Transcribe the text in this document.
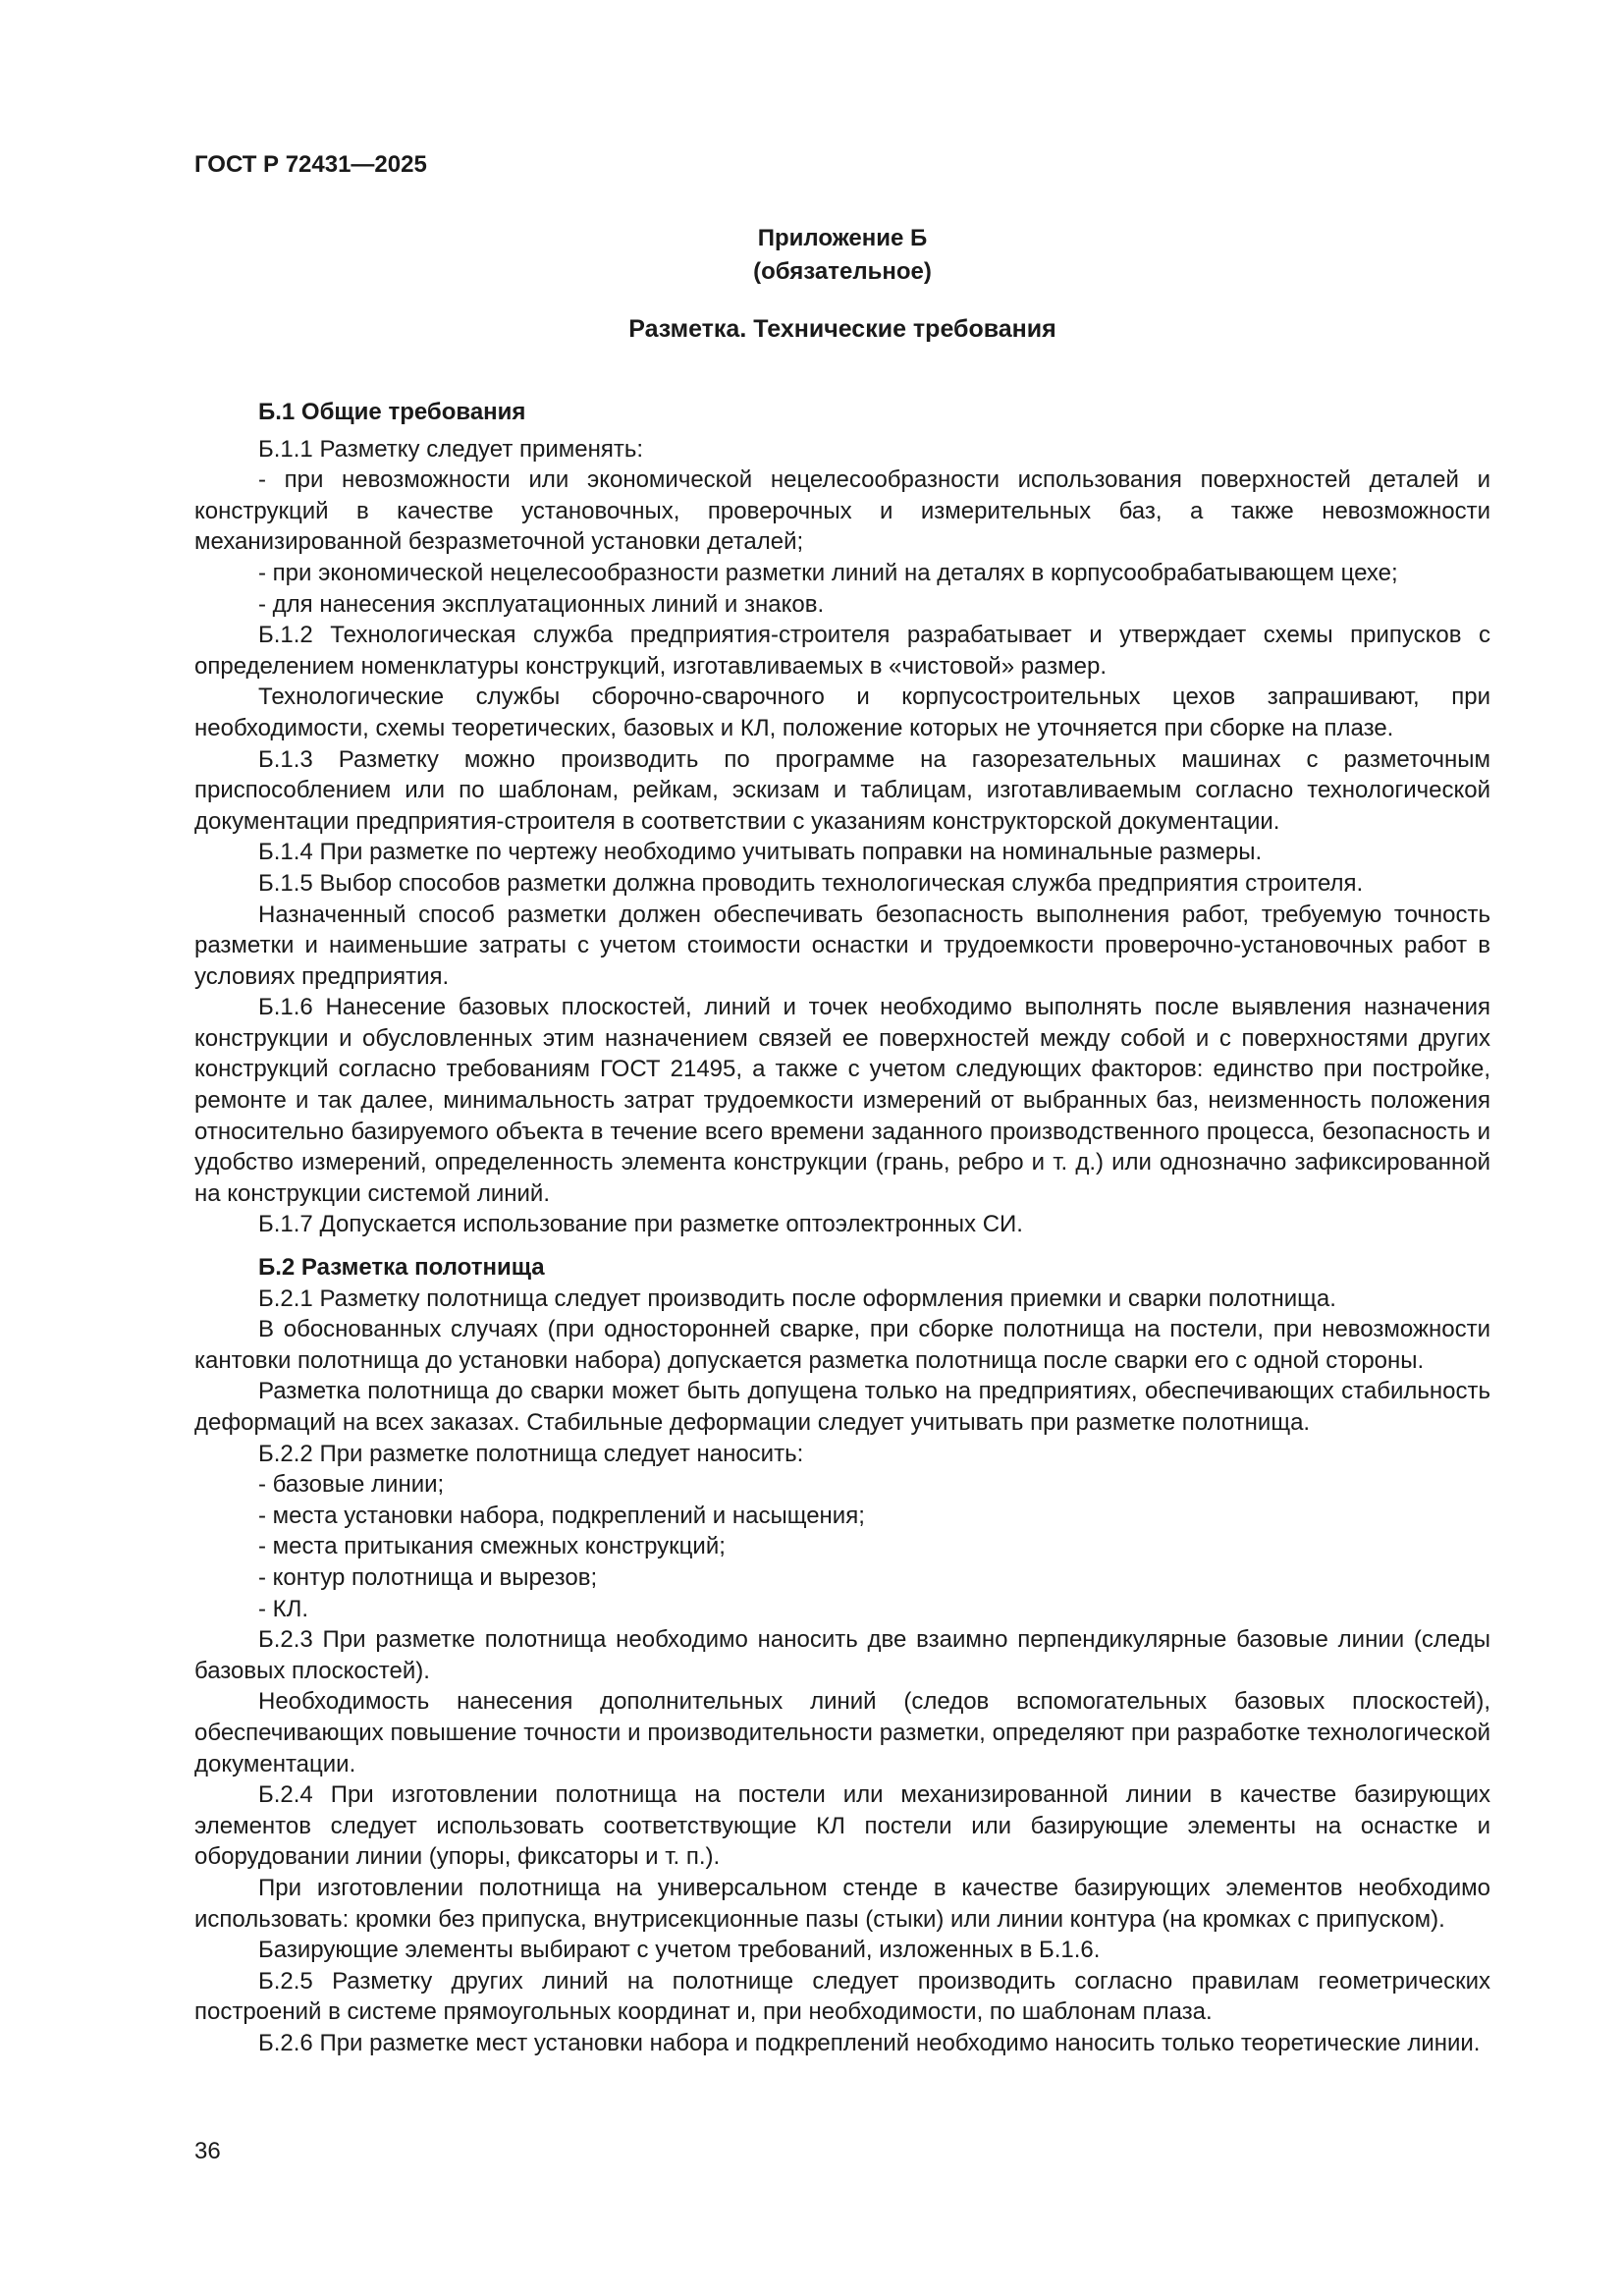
ГОСТ Р 72431—2025
Приложение Б
(обязательное)
Разметка. Технические требования
Б.1 Общие требования

Б.1.1 Разметку следует применять:

- при невозможности или экономической нецелесообразности использования поверхностей деталей и конструкций в качестве установочных, проверочных и измерительных баз, а также невозможности механизированной безразметочной установки деталей;

- при экономической нецелесообразности разметки линий на деталях в корпусообрабатывающем цехе;

- для нанесения эксплуатационных линий и знаков.

Б.1.2 Технологическая служба предприятия-строителя разрабатывает и утверждает схемы припусков с определением номенклатуры конструкций, изготавливаемых в «чистовой» размер.

Технологические службы сборочно-сварочного и корпусостроительных цехов запрашивают, при необходимости, схемы теоретических, базовых и КЛ, положение которых не уточняется при сборке на плазе.

Б.1.3 Разметку можно производить по программе на газорезательных машинах с разметочным приспособлением или по шаблонам, рейкам, эскизам и таблицам, изготавливаемым согласно технологической документации предприятия-строителя в соответствии с указаниям конструкторской документации.

Б.1.4 При разметке по чертежу необходимо учитывать поправки на номинальные размеры.

Б.1.5 Выбор способов разметки должна проводить технологическая служба предприятия строителя.

Назначенный способ разметки должен обеспечивать безопасность выполнения работ, требуемую точность разметки и наименьшие затраты с учетом стоимости оснастки и трудоемкости проверочно-установочных работ в условиях предприятия.

Б.1.6 Нанесение базовых плоскостей, линий и точек необходимо выполнять после выявления назначения конструкции и обусловленных этим назначением связей ее поверхностей между собой и с поверхностями других конструкций согласно требованиям ГОСТ 21495, а также с учетом следующих факторов: единство при постройке, ремонте и так далее, минимальность затрат трудоемкости измерений от выбранных баз, неизменность положения относительно базируемого объекта в течение всего времени заданного производственного процесса, безопасность и удобство измерений, определенность элемента конструкции (грань, ребро и т. д.) или однозначно зафиксированной на конструкции системой линий.

Б.1.7 Допускается использование при разметке оптоэлектронных СИ.

Б.2 Разметка полотнища

Б.2.1 Разметку полотнища следует производить после оформления приемки и сварки полотнища.

В обоснованных случаях (при односторонней сварке, при сборке полотнища на постели, при невозможности кантовки полотнища до установки набора) допускается разметка полотнища после сварки его с одной стороны.

Разметка полотнища до сварки может быть допущена только на предприятиях, обеспечивающих стабильность деформаций на всех заказах. Стабильные деформации следует учитывать при разметке полотнища.

Б.2.2 При разметке полотнища следует наносить:

- базовые линии;

- места установки набора, подкреплений и насыщения;

- места притыкания смежных конструкций;

- контур полотнища и вырезов;

- КЛ.

Б.2.3 При разметке полотнища необходимо наносить две взаимно перпендикулярные базовые линии (следы базовых плоскостей).

Необходимость нанесения дополнительных линий (следов вспомогательных базовых плоскостей), обеспечивающих повышение точности и производительности разметки, определяют при разработке технологической документации.

Б.2.4 При изготовлении полотнища на постели или механизированной линии в качестве базирующих элементов следует использовать соответствующие КЛ постели или базирующие элементы на оснастке и оборудовании линии (упоры, фиксаторы и т. п.).

При изготовлении полотнища на универсальном стенде в качестве базирующих элементов необходимо использовать: кромки без припуска, внутрисекционные пазы (стыки) или линии контура (на кромках с припуском).

Базирующие элементы выбирают с учетом требований, изложенных в Б.1.6.

Б.2.5 Разметку других линий на полотнище следует производить согласно правилам геометрических построений в системе прямоугольных координат и, при необходимости, по шаблонам плаза.

Б.2.6 При разметке мест установки набора и подкреплений необходимо наносить только теоретические линии.

36
